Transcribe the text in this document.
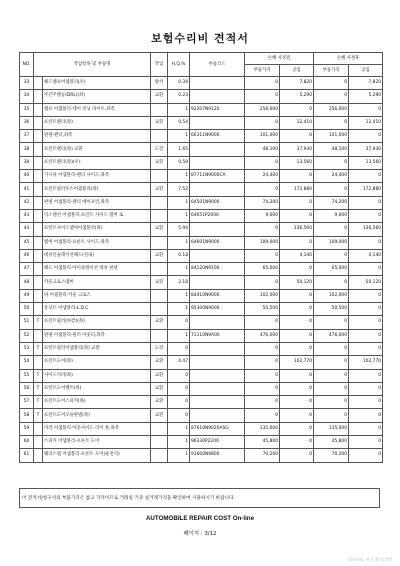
보험수리비 견적서
NO.	작업항목 및 부품명		작업	H,Q,%	부품코드	손해 사정전		손해 사정후	
						부품가격	공임	부품가격	공임
33		헤드램프어셈블리(우)	탈착	0.34		0	7,820	0	7,820
34		주간주행등(DRL)(좌)	교환	0.23		0	5,290	0	5,290
35		램프 어셈블리-데이 런닝 라이트,좌측		1	92207N9120	256,000	0	256,000	0
36		프런트펜더(좌)	교환	0.54		0	12,410	0	12,410
37		판넬-펜더,좌측		1	66311N9000	101,000	0	101,000	0
38		프런트펜더(좌) 교환	도장	1.65		48,100	37,930	48,100	37,930
39		프런트펜더(좌)(우)	교환	0.59		0	13,560	0	13,560
40		가니쉬 어셈블리-펜더 사이드,좌측		1	87711N9000CA	24,400	0	24,400	0
41		프런트필러우스어셈블리(좌)	교환	7.52		0	172,880	0	172,880
42		판넬 어셈블리-펜더 에이프런,좌측		1	64501N9000	74,200	0	74,200	0
43		익스텐션 어셈블리-프런트 사이드 멤버 로		1	64651P2000	9,000	0	9,000	0
44		프런트사이드멤버어셈블리(좌)	교환	5.94		0	136,560	0	136,560
45		멤버 어셈블리-프론트 사이드,좌측		1	64601N9000	109,000	0	109,000	0
46		데쉬인슐레이션패드(실내)	교환	0.18		0	4,140	0	4,140
47		패드 어셈블리-아이솔레이션 대쉬 판넬		1	84120N9100	65,000	0	65,000	0
48		카울크로스멤버	교환	2.18		0	50,120	0	50,120
49		바 어셈블리-카울 크로스		1	84410N9000	102,000	0	102,000	0
50		유닛트 어셈블리-L.D.C		1	95300N9000	50,500	0	50,500	0
51	T	프런트필러(바깥)(좌)	교환	0		0	0	0	0
52		판넬 어셈블리-필러 아웃터,좌측		1	71110N9A00	476,000	0	476,000	0
53	T	프런트필러어셈블리(좌) 교환	도장	0		0	0	0	0
54		프런트도어(좌)	교환	4.47		0	102,770	0	102,770
55	T	사이드미러(좌)	교환	0		0	0	0	0
56	T	프런트도어벨트(좌)	교환	0		0	0	0	0
57	T	프런트도어스피커(좌)	교환	0		0	0	0	0
58	T	프런트도어모듈판넬(좌)	교환	0		0	0	0	0
59		미러 어셈블리-아웃사이드 리어 뷰,좌측		1	87610N9020ASG	135,000	0	135,000	0
60		스피커 어셈블리-프론트 도어		1	96330P2200	45,800	0	45,800	0
61		웨더스텝 어셈블리-프론트 도어(운전석)		1	91600N9800	70,200	0	70,200	0
이 견적서/청구서의 부품가격은 참고 가격이므로 거래일 기준 실거래가격을 확인하여 사용하시기 바랍니다.
AUTOMOBILE REPAIR COST On-line
페이지 : 3/12
Y2K-Info. ※ 7.30.V.700
